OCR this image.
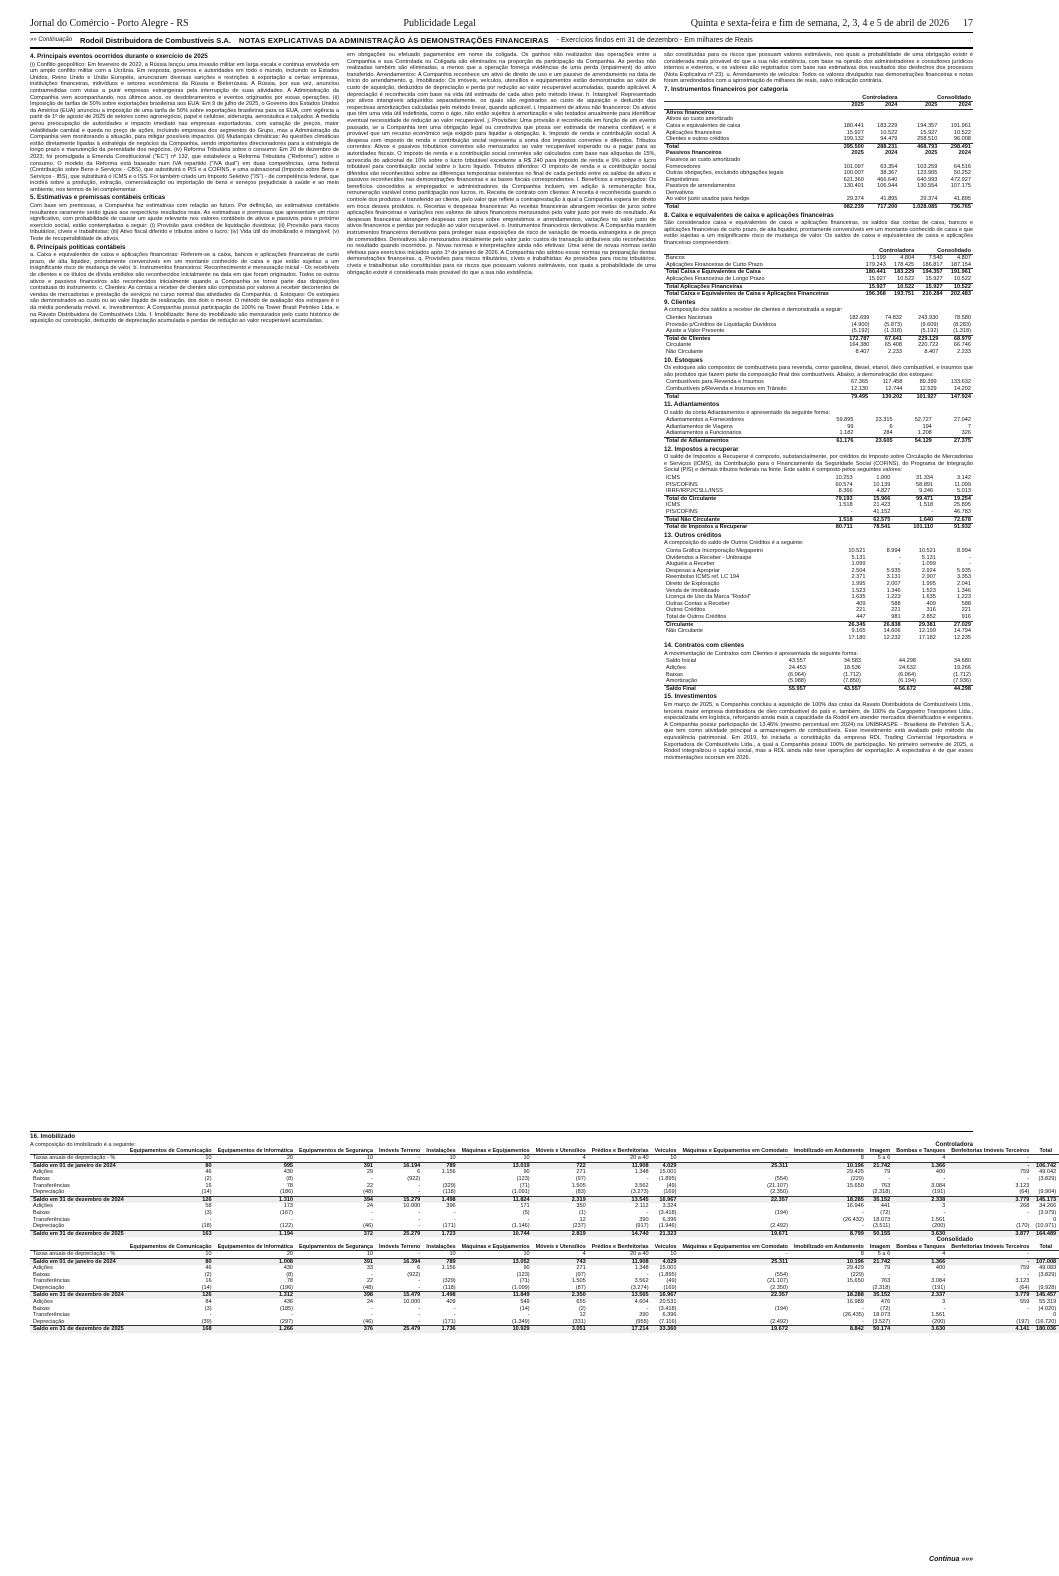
Jornal do Comércio - Porto Alegre - RS	Publicidade Legal	Quinta e sexta-feira e fim de semana, 2, 3, 4 e 5 de abril de 2026 17
»» Continuação Rodoil Distribuidora de Combustíveis S.A. NOTAS EXPLICATIVAS DA ADMINISTRAÇÃO ÀS DEMONSTRAÇÕES FINANCEIRAS - Exercícios findos em 31 de dezembro - Em milhares de Reais
4. Principais eventos ocorridos durante o exercício de 2025

(i) Conflito geopolítico: Em fevereiro de 2022, a Rússia lançou uma invasão militar em larga escala e continua envolvida em um amplo conflito militar com a Ucrânia. Em resposta, governos e autoridades em todo o mundo, incluindo os Estados Unidos, Reino Unido e União Européia, anunciaram diversas sanções e restrições à exportação a certas empresas, instituições financeiras, indivíduos e setores econômicos da Rússia e Bielorrússia. A Rússia, por sua vez, anunciou contramedidas com vistas a punir empresas estrangeiras pela interrupção de suas atividades. A Administração da Companhia vem acompanhando, nos últimos anos, os desdobramentos e eventos originados por essas operações. (ii) Imposição de tarifas de 50% sobre exportações brasileiras aos EUA: Em 9 de julho de 2025, o Governo dos Estados Unidos da América (EUA) anunciou a imposição de uma tarifa de 50% sobre exportações brasileiras para os EUA, com vigência a partir de 1º de agosto de 2025 de setores como agronegócio, papel e celulose, siderurgia, aeronáutica e calçados. A medida gerou preocupação de autoridades e impacto imediato nas empresas exportadoras, com variação de preços, maior volatilidade cambial e queda no preço de ações, incluindo empresas dos segmentos do Grupo, mas a Administração da Companhia vem monitorando a situação, para mitigar possíveis impactos. (iii) Mudanças climáticas: As questões climáticas estão diretamente ligadas à estratégia de negócios da Companhia, sendo importantes direcionadores para a estratégia de longo prazo e manutenção da perenidade dos negócios. (iv) Reforma Tributária sobre o consumo: Em 20 de dezembro de 2023, foi promulgada a Emenda Constitucional ("EC") nº 132, que estabelece a Reforma Tributária ("Reforma") sobre o consumo. O modelo da Reforma está baseado num IVA repartido ("IVA dual") em duas competências, uma federal (Contribuição sobre Bens e Serviços - CBS), que substituirá o PIS e a COFINS, e uma subnacional (Imposto sobre Bens e Serviços - IBS), que substituirá o ICMS e o ISS. Foi também criado um Imposto Seletivo ("IS") - de competência federal, que incidirá sobre a produção, extração, comercialização ou importação de bens e serviços prejudiciais à saúde e ao meio ambiente, nos termos de lei complementar.

5. Estimativas e premissas contábeis críticas

Com base em premissas, a Companhia faz estimativas com relação ao futuro. Por definição, as estimativas contábeis resultantes raramente serão iguais aos respectivos resultados reais. As estimativas e premissas que apresentam um risco significativo, com probabilidade de causar um ajuste relevante nos valores contábeis de ativos e passivos para o próximo exercício social, estão contempladas a seguir: (i) Provisão para créditos de liquidação duvidosa; (ii) Provisão para riscos tributários, cíveis e trabalhistas; (iii) Ativo fiscal diferido e tributos sobre o lucro; (iv) Vida útil do imobilizado e intangível; (v) Teste de recuperabilidade de ativos.

6. Principais políticas contábeis

a. Caixa e equivalentes de caixa e aplicações financeiras: Referem-se a caixa, bancos e aplicações financeiras de curto prazo, de alta liquidez, prontamente conversíveis em um montante conhecido de caixa e que estão sujeitas a um insignificante risco de mudança de valor. b. Instrumentos financeiros: Reconhecimento e mensuração inicial - Os recebíveis de clientes e os títulos de dívida emitidos são reconhecidos inicialmente na data em que foram originados. Todos os outros ativos e passivos financeiros são reconhecidos inicialmente quando a Companhia se tornar parte das disposições contratuais do instrumento. c. Clientes: As contas a receber de clientes são compostas por valores a receber decorrentes de vendas de mercadorias e prestação de serviços no curso normal das atividades da Companhia. d. Estoques: Os estoques são demonstrados ao custo ou ao valor líquido de realização, dos dois o menor. O método de avaliação dos estoques é o da média ponderada móvel. e. Investimentos: A Companhia possui participação de 100% na Tower Brasil Petróleo Ltda. e na Ravato Distribuidora de Combustíveis Ltda. f. Imobilizado: Itens do imobilizado são mensurados pelo custo histórico de aquisição ou construção, deduzido de depreciação acumulada e perdas de redução ao valor recuperável acumuladas.

em obrigações ou efetuado pagamentos em nome da coligada. Os ganhos não realizados das operações entre a Companhia e sua Controlada ou Coligada são eliminados na proporção da participação da Companhia. As perdas não realizadas também são eliminadas, a menos que a operação forneça evidências de uma perda (impairment) do ativo transferido. Arrendamentos: A Companhia reconhece um ativo de direito de uso e um passivo de arrendamento na data de início do arrendamento. g. Imobilizado: Os imóveis, veículos, utensílios e equipamentos estão demonstrados ao valor de custo de aquisição, deduzidos de depreciação e perda por redução ao valor recuperável acumuladas, quando aplicável. A depreciação é reconhecida com base na vida útil estimada de cada ativo pelo método linear. h. Intangível: Representado por ativos intangíveis adquiridos separadamente, os quais são registrados ao custo de aquisição e deduzido das respectivas amortizações calculadas pelo método linear, quando aplicável. i. Impairment de ativos não financeiros: Os ativos que têm uma vida útil indefinida, como o ágio, não estão sujeitos à amortização e são testados anualmente para identificar eventual necessidade de redução ao valor recuperável. j. Provisões: Uma provisão é reconhecida em função de um evento passado, se a Companhia tem uma obrigação legal ou construtiva que possa ser estimada de maneira confiável, e é provável que um recurso econômico seja exigido para liquidar a obrigação. k. Imposto de renda e contribuição social: A despesa com imposto de renda e contribuição social representa a soma dos impostos correntes e diferidos. Tributos correntes: Ativos e passivos tributários correntes são mensurados ao valor recuperável esperado ou a pagar para as autoridades fiscais. O imposto de renda e a contribuição social correntes são calculados com base nas alíquotas de 15%, acrescida do adicional de 10% sobre o lucro tributável excedente a R$ 240 para imposto de renda e 9% sobre o lucro tributável para contribuição social sobre o lucro líquido. Tributos diferidos: O imposto de renda e a contribuição social diferidos são reconhecidos sobre as diferenças temporárias existentes no final de cada período entre os saldos de ativos e passivos reconhecidos nas demonstrações financeiras e as bases fiscais correspondentes. l. Benefícios a empregados: Os benefícios concedidos a empregados e administradores da Companhia incluem, em adição à remuneração fixa, remuneração variável como participação nos lucros. m. Receita de contrato com clientes: A receita é reconhecida quando o controle dos produtos é transferido ao cliente, pelo valor que reflete a contraprestação à qual a Companhia espera ter direito em troca desses produtos. n. Receitas e despesas financeiras: As receitas financeiras abrangem receitas de juros sobre aplicações financeiras e variações nos valores de ativos financeiros mensurados pelo valor justo por meio do resultado. As despesas financeiras abrangem despesas com juros sobre empréstimos e arrendamentos, variações no valor justo de ativos financeiros e perdas por redução ao valor recuperável. o. Instrumentos financeiros derivativos: A Companhia mantém instrumentos financeiros derivativos para proteger suas exposições de risco de variação de moeda estrangeira e de preço de commodities. Derivativos são mensurados inicialmente pelo valor justo; custos de transação atribuíveis são reconhecidos no resultado quando incorridos. p. Novas normas e interpretações ainda não efetivas: Uma série de novas normas serão efetivas para exercícios iniciados após 1º de janeiro de 2026. A Companhia não adotou essas normas na preparação destas demonstrações financeiras. q. Provisões para riscos tributários, cíveis e trabalhistas: As provisões para riscos tributários, cíveis e trabalhistas são constituídas para os riscos que possuam valores estimáveis, nos quais a probabilidade de uma obrigação existir é considerada mais provável do que a sua não existência.

são constituídas para os riscos que possuam valores estimáveis, nos quais a probabilidade de uma obrigação existir é considerada mais provável do que a sua não existência, com base na opinião dos administradores e consultores jurídicos internos e externos, e os valores são registrados com base nas estimativas dos resultados dos desfechos dos processos (Nota Explicativa nº 23). u. Arrendamento de veículos: Todos os valores divulgados nas demonstrações financeiras e notas foram arredondados com a aproximação de milhares de reais, salvo indicação contrária.

7. Instrumentos financeiros por categoria
	Controladora		Consolidado	
	2025	2024	2025	2024
Ativos financeiros				
Ativos ao custo amortizado				
Caixa e equivalentes de caixa	180.441	183.229	194.357	191.961
Aplicações financeiras	15.927	10.522	15.927	10.522
Clientes e outros créditos	199.132	94.479	258.510	96.008
Total	395.500	288.231	468.793	298.491
Passivos financeiros	2025	2024	2025	2024
Passivos ao custo amortizado				
Fornecedores	101.097	63.354	103.259	64.516
Outras obrigações, excluindo obrigações legais	100.007	38.367	123.905	50.252
Empréstimos	621.360	466.640	640.993	472.927
Passivos de arrendamentos	130.401	106.944	130.554	107.175
Derivativos				
Ao valor justo usados para hedge	29.374	41.895	29.374	41.895
Total	982.239	717.200	1.028.085	736.765
8. Caixa e equivalentes de caixa e aplicações financeiras

São considerados caixa e equivalentes de caixa e aplicações financeiras, os saldos das contas de caixa, bancos e aplicações financeiras de curto prazo, de alta liquidez, prontamente conversíveis em um montante conhecido de caixa e que estão sujeitas a um insignificante risco de mudança de valor. Os saldos de caixa e equivalentes de caixa e aplicações financeiras compreendem:

	Controladora		Consolidado	
Bancos	1.199	4.804	7.540	4.807
Aplicações Financeiras de Curto Prazo	179.243	178.425	186.817	187.154
Total Caixa e Equivalentes de Caixa	180.441	183.229	194.357	191.961
Aplicações Financeiras de Longo Prazo	15.927	10.522	15.927	10.522
Total Aplicações Financeiras	15.927	10.522	15.927	10.522
Total Caixa e Equivalentes de Caixa e Aplicações Financeiras	196.368	193.751	210.284	202.483
9. Clientes

A composição dos saldos a receber de clientes é demonstrada a seguir:

Clientes Nacionais	182.699	74.832	243.930	78.580
Provisão p/Créditos de Liquidação Duvidosa	(4.900)	(5.873)	(9.609)	(8.283)
Ajuste a Valor Presente	(5.192)	(1.318)	(5.192)	(1.318)
Total de Clientes	172.787	67.641	229.129	68.979
Circulante	164.380	65.408	220.722	66.746
Não Circulante	8.407	2.233	8.407	2.233
10. Estoques

Os estoques são compostos de combustíveis para revenda, como gasolina, diesel, etanol, óleo combustível, e insumos que são produtos que fazem parte da composição final dos combustíveis. Abaixo, a demonstração dos estoques:

Combustíveis para Revenda e Insumos	67.365	117.458	89.399	133.632
Combustíveis p/Revenda e Insumos em Trânsito	12.130	12.744	12.529	14.292
Total	79.495	130.202	101.927	147.924
11. Adiantamentos

O saldo da conta Adiantamentos é apresentado da seguinte forma:

Adiantamentos a Fornecedores	59.895	23.315	52.727	27.042
Adiantamentos de Viagens	99	6	194	7
Adiantamentos a Funcionários	1.182	284	1.208	326
Total de Adiantamentos	61.176	23.605	54.129	27.375
12. Impostos a recuperar

O saldo de Impostos a Recuperar é composto, substancialmente, por créditos do Imposto sobre Circulação de Mercadorias e Serviços (ICMS), da Contribuição para o Financiamento da Seguridade Social (COFINS), do Programa de Integração Social (PIS) e demais tributos federais na fonte. Este saldo é composto pelos seguintes valores:

ICMS	10.253	1.000	31.334	3.142
PIS/COFINS	60.574	10.139	58.891	11.099
IRRF/IRPJ/CSLL/INSS	8.366	4.827	9.246	5.013
Total do Circulante	79.193	15.966	99.471	19.254
ICMS	1.518	21.423	1.518	25.895
PIS/COFINS	-	41.152	-	46.783
Total Não Circulante	1.518	62.575	1.640	72.678
Total de Impostos a Recuperar	80.711	78.541	101.110	91.932
13. Outros créditos

A composição do saldo de Outros Créditos é a seguinte:

Conta Gráfica Incorporação Megapetro	10.521	8.994	10.521	8.994
Dividendos a Receber - Unibraspe	5.131	-	5.131	-
Aluguéis a Receber	1.099	-	1.099	-
Despesas a Apropriar	2.504	5.935	2.924	5.935
Reembolso ICMS ref. LC 194	2.371	3.131	2.907	3.353
Direito de Exploração	1.995	2.007	1.995	2.041
Venda de Imobilizado	1.523	1.346	1.523	1.346
Licença de Uso da Marca "Rodoil"	1.635	1.223	1.635	1.223
Outras Contas a Receber	409	588	409	588
Outros Créditos	221	221	316	221
Total de Outros Créditos	447	981	2.852	916
Circulante	26.345	26.838	29.381	27.029
Não Circulante	9.165	14.606	12.199	14.794
	17.180	12.232	17.182	12.235
14. Contratos com clientes

A movimentação de Contratos com Clientes é apresentada da seguinte forma:

Saldo Inicial	43.557	34.583	44.298	34.680
Adições	24.453	18.536	24.632	19.266
Baixas	(6.064)	(1.712)	(6.064)	(1.712)
Amortização	(5.988)	(7.850)	(6.194)	(7.936)
Saldo Final	55.957	43.557	56.672	44.298
15. Investimentos

Em março de 2025, a Companhia concluiu a aquisição de 100% das cotas da Ravato Distribuidora de Combustíveis Ltda., terceira maior empresa distribuidora de óleo combustível do país e, também, de 100% da Cargopetro Transportes Ltda., especializada em logística, reforçando ainda mais a capacidade da Rodoil em atender mercados diversificados e exigentes. A Companhia possui participação de 13,46% (mesmo percentual em 2024) na UNIBRASPE - Brasileira de Petróleo S.A., que tem como atividade principal a armazenagem de combustíveis. Esse investimento está avaliado pelo método da equivalência patrimonial. Em 2019, foi iniciada a constituição da empresa RDL Trading Comercial Importadora e Exportadora de Combustíveis Ltda., a qual a Companhia possui 100% de participação. No primeiro semestre de 2025, a Rodoil integralizou o capital social, mas a RDL ainda não teve operações de exportação. A expectativa é de que esses movimentações ocorram em 2026.

16. Imobilizado
A composição do imobilizado é a seguinte:	Controladora
	Equipamentos de Comunicação	Equipamentos de Informática	Equipamentos de Segurança	Imóveis Terreno	Instalações	Máquinas e Equipamentos	Móveis e Utensílios	Prédios e Benfeitorias	Veículos	Máquinas e Equipamentos em Comodato	Imobilizado em Andamento	Imagem	Bombas e Tanques	Benfeitorias Imóveis Terceiros	Total
Taxas anuais de depreciação - %	10	20	10	-	10	10	4	20 a 40	10	-	8	5 a 6	4	-	
Saldo em 01 de janeiro de 2024	80	995	391	16.194	789	13.019	722	11.908	4.029	25.311	10.196	21.742	1.366	-	106.742
Adições	46	430	29	6	1.156	90	271	1.348	15.001		29.425	79	400	759	49.042
Baixas	(2)	(8)	-	(922)		(123)	(97)	-	(1.895)	(554)	(229)	-	-	-	(3.829)
Transferências	16	78	22	-	(329)	(71)	1.505	3.562	(49)	(21.107)	15.650	763	3.084	3.123	
Depreciação	(14)	(186)	(48)	-	(118)	(1.091)	(83)	(3.273)	(169)	(2.350)		(2.318)	(191)	(64)	(9.904)
Saldo em 31 de dezembro de 2024	126	1.310	394	15.279	1.498	11.824	2.319	13.545	16.967	22.357	18.285	35.152	2.338	3.779	145.173
Adições	58	173	24	10.000	396	171	350	2.112	3.324		16.946	441	3	268	34.266
Baixas	(3)	(167)	-	-	-	(5)	(1)	-	(3.418)	(194)	-	(72)	-	-	(3.979)
Transferências	-	-	-	-	-	-	12	390	6.396		(26.432)	18.073	1.561		0
Depreciação	(18)	(122)	(46)	-	(171)	(1.146)	(237)	(917)	(1.946)	(2.492)	-	(3.511)	(200)	(170)	(10.971)
Saldo em 31 de dezembro de 2025	163	1.194	372	25.279	1.723	10.744	2.819	14.740	21.323	19.671	8.799	50.155	3.630	3.877	164.489
Consolidado
	Equipamentos de Comunicação	Equipamentos de Informática	Equipamentos de Segurança	Imóveis Terreno	Instalações	Máquinas e Equipamentos	Móveis e Utensílios	Prédios e Benfeitorias	Veículos	Máquinas e Equipamentos em Comodato	Imobilizado em Andamento	Imagem	Bombas e Tanques	Benfeitorias Imóveis Terceiros	Total
Taxas anuais de depreciação - %	10	20	10	-	10	10	4	20 a 40	10	-	8	5 a 6	4	-	
Saldo em 01 de janeiro de 2024	80	1.008	391	16.394	789	13.052	743	11.908	4.029	25.311	10.196	21.742	1.366	-	107.008
Adições	46	430	33	6	1.156	90	271	1.348	15.001		29.429	79	400	759	49.083
Baixas	(2)	(8)	-	(922)		(123)	(97)	-	(1.895)	(554)	(229)	-	-	-	(3.829)
Transferências	16	78	22	-	(329)	(71)	1.505	3.562	(49)	(21.107)	15.650	763	3.084	3.123	
Depreciação	(14)	(196)	(48)	-	(118)	(1.099)	(87)	(3.274)	(169)	(2.350)		(2.318)	(191)	(64)	(9.928)
Saldo em 31 de dezembro de 2024	126	1.312	398	15.479	1.498	11.849	2.350	13.565	16.967	22.357	18.288	35.152	2.337	3.779	145.457
Adições	84	436	24	10.000	409	549	655	4.604	20.531		16.989	476	3	559	55.319
Baixas	(3)	(185)	-	-	-	(14)	(2)	-	(3.418)	(194)	-	(72)	-	-	(4.020)
Transferências	-	-	-	-	-	-	12	390	6.396		(26.435)	18.073	1.561		0
Depreciação	(39)	(297)	(46)	-	(171)	(1.349)	(331)	(955)	(7.116)	(2.492)	-	(3.527)	(200)	(197)	(16.720)
Saldo em 31 de dezembro de 2025	168	1.266	376	25.479	1.736	10.929	3.051	17.214	33.360	19.672	8.842	50.174	3.630	4.141	180.036
Continua »»»
